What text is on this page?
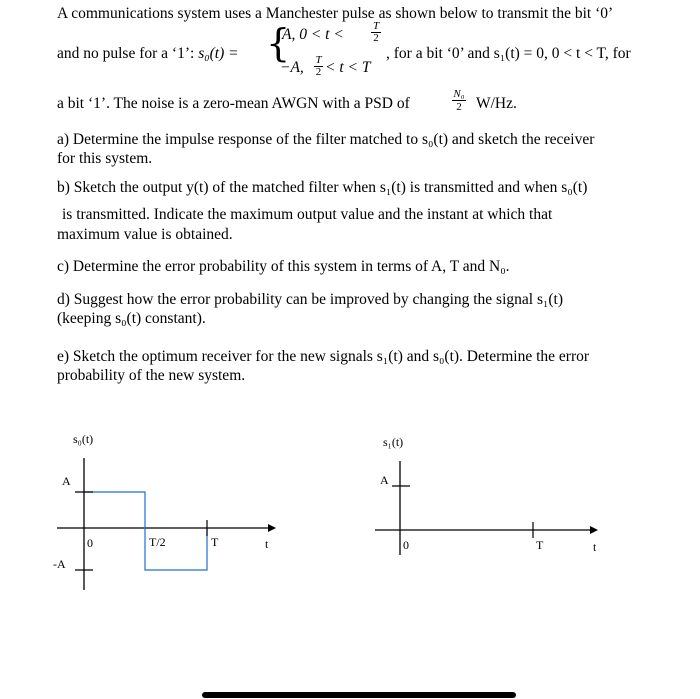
A communications system uses a Manchester pulse as shown below to transmit the bit ‘0’
and no pulse for a ‘1’: s₀(t) = {
A, $0 < t < \frac{T}{2}$
−A, $\frac{T}{2} < t < T$
, for a bit ‘0’ and s₁(t) = 0, 0 < t < T, for
a bit ‘1’. The noise is a zero-mean AWGN with a PSD of	$\frac{\text{N₀}}{2} W/Hz$.
a) Determine the impulse response of the filter matched to s₀(t) and sketch the receiver
for this system.
b) Sketch the output y(t) of the matched filter when s₁(t) is transmitted and when s₀(t)
is transmitted. Indicate the maximum output value and the instant at which that
maximum value is obtained.
c) Determine the error probability of this system in terms of A, T and N₀.
d) Suggest how the error probability can be improved by changing the signal s₁(t)
(keeping s₀(t) constant).
e) Sketch the optimum receiver for the new signals s₁(t) and s₀(t). Determine the error
probability of the new system.
s₀(t)
A
-A
0	T/2	T	t
s₁(t)
A
0	T	t
